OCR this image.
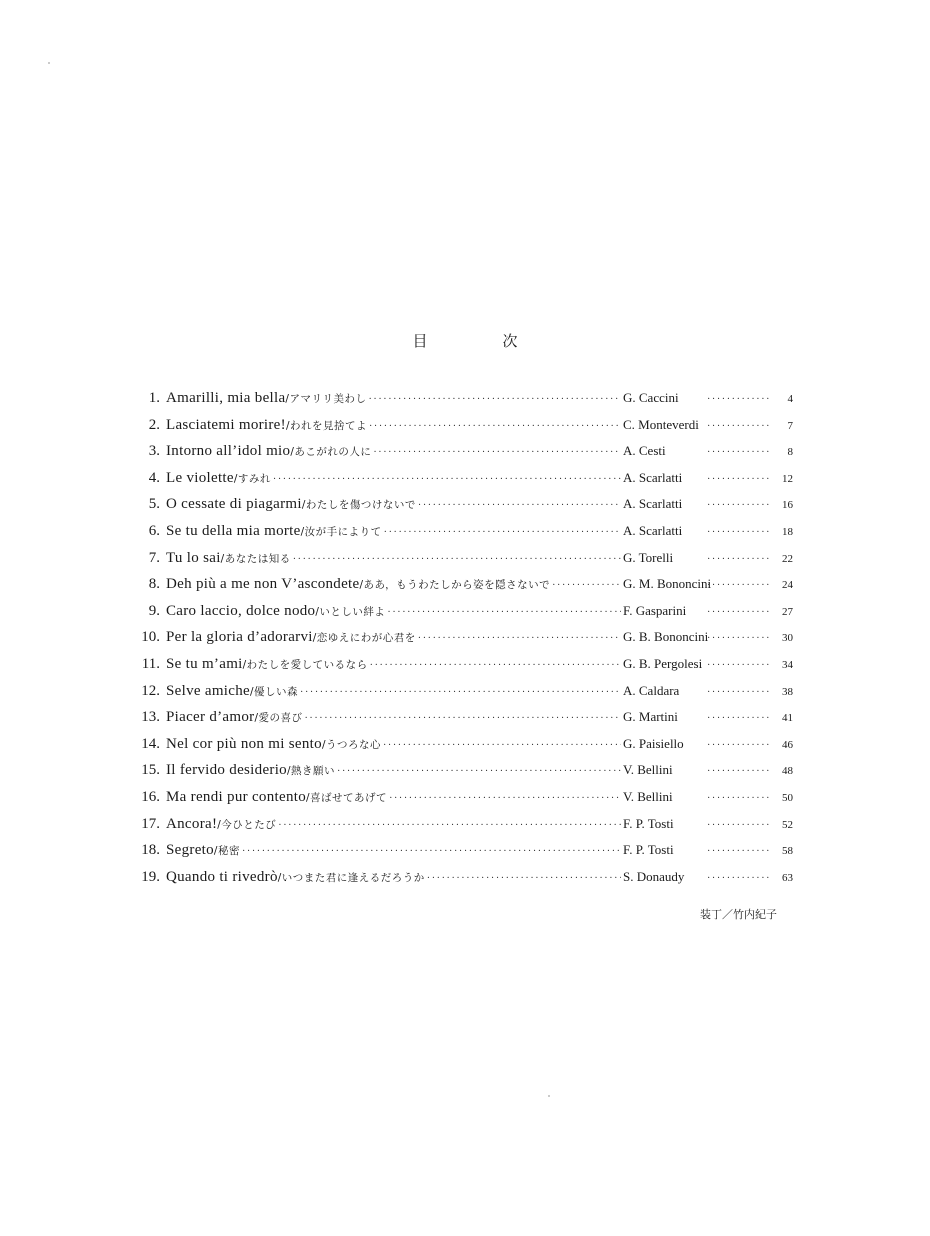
目　次
1. Amarilli, mia bella /アマリリ美わし ·····	G. Caccini ·····	4
2. Lasciatemi morire! /われを見捨てよ ·····	C. Monteverdi ·····	7
3. Intorno all’idol mio /あこがれの人に ·····	A. Cesti ·····	8
4. Le violette /すみれ ·····	A. Scarlatti ·····	12
5. O cessate di piagarmi /わたしを傷つけないで ·····	A. Scarlatti ·····	16
6. Se tu della mia morte /汝が手によりて ·····	A. Scarlatti ·····	18
7. Tu lo sai /あなたは知る ·····	G. Torelli ·····	22
8. Deh più a me non V’ascondete /ああ，もうわたしから姿を隠さないで ·····	G. M. Bononcini ·····	24
9. Caro laccio, dolce nodo /いとしい絆よ ·····	F. Gasparini ·····	27
10. Per la gloria d’adorarvi /恋ゆえにわが心君を ·····	G. B. Bononcini ·····	30
11. Se tu m’ami /わたしを愛しているなら ·····	G. B. Pergolesi ·····	34
12. Selve amiche /優しい森 ·····	A. Caldara ·····	38
13. Piacer d’amor /愛の喜び ·····	G. Martini ·····	41
14. Nel cor più non mi sento /うつろな心 ·····	G. Paisiello ·····	46
15. Il fervido desiderio /熱き願い ·····	V. Bellini ·····	48
16. Ma rendi pur contento /喜ばせてあげて ·····	V. Bellini ·····	50
17. Ancora! /今ひとたび ·····	F. P. Tosti ·····	52
18. Segreto /秘密 ·····	F. P. Tosti ·····	58
19. Quando ti rivedrò /いつまた君に逢えるだろうか ·····	S. Donaudy ·····	63
装丁／竹内紀子
